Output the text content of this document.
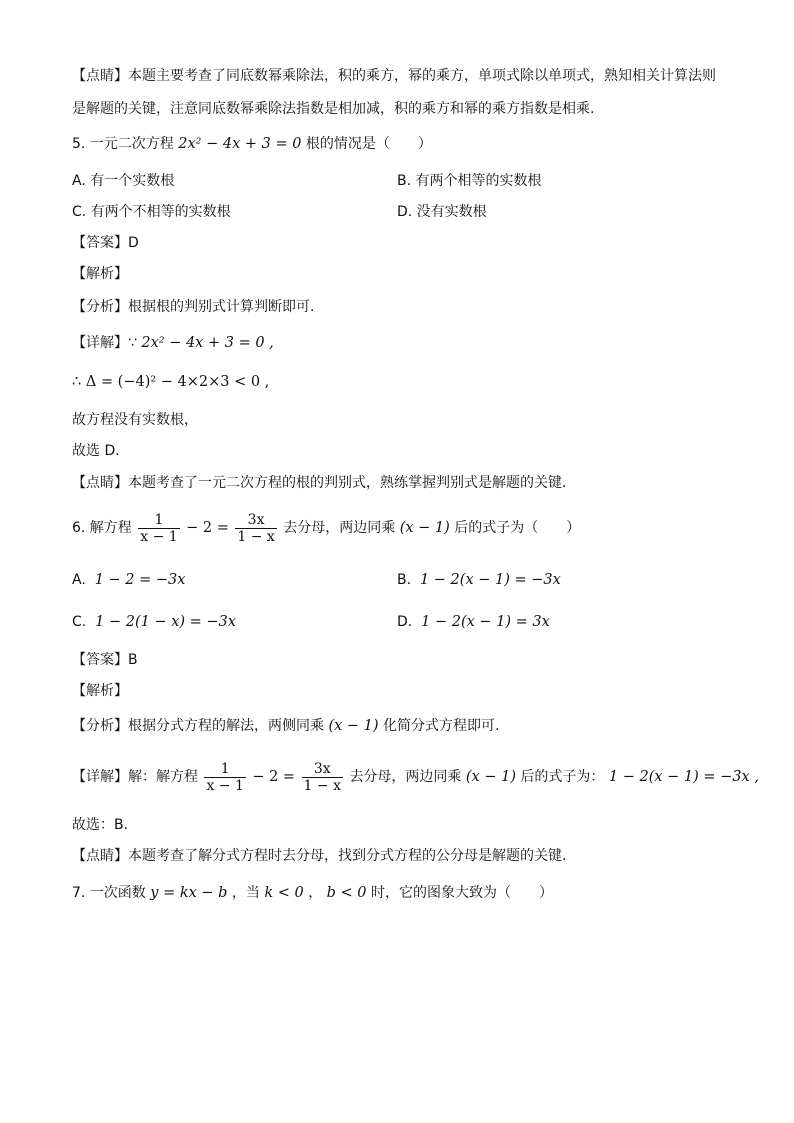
【点睛】本题主要考查了同底数幂乘除法，积的乘方，幂的乘方，单项式除以单项式，熟知相关计算法则
是解题的关键，注意同底数幂乘除法指数是相加减，积的乘方和幂的乘方指数是相乘.
5. 一元二次方程 2x² − 4x + 3 = 0 根的情况是（　　）
A. 有一个实数根	B. 有两个相等的实数根
C. 有两个不相等的实数根	D. 没有实数根
【答案】D
【解析】
【分析】根据根的判别式计算判断即可.
【详解】∵ 2x² − 4x + 3 = 0 ,
∴ Δ = (−4)² − 4×2×3 < 0 ,
故方程没有实数根，
故选 D.
【点睛】本题考查了一元二次方程的根的判别式，熟练掌握判别式是解题的关键.
6. 解方程 $\frac{1}{x - 1} - 2 = \frac{3x}{1 - x}$ 去分母，两边同乘 (x − 1) 后的式子为（　　）
A. 1 − 2 = −3x	B. 1 − 2(x − 1) = −3x
C. 1 − 2(1 − x) = −3x	D. 1 − 2(x − 1) = 3x
【答案】B
【解析】
【分析】根据分式方程的解法，两侧同乘 (x − 1) 化简分式方程即可.
【详解】解：解方程 $\frac{1}{x - 1} - 2 = \frac{3x}{1 - x}$ 去分母，两边同乘 (x − 1) 后的式子为： 1 − 2(x − 1) = −3x ,
故选：B.
【点睛】本题考查了解分式方程时去分母，找到分式方程的公分母是解题的关键.
7. 一次函数 y = kx − b ，当 k < 0 ， b < 0 时，它的图象大致为（　　）
